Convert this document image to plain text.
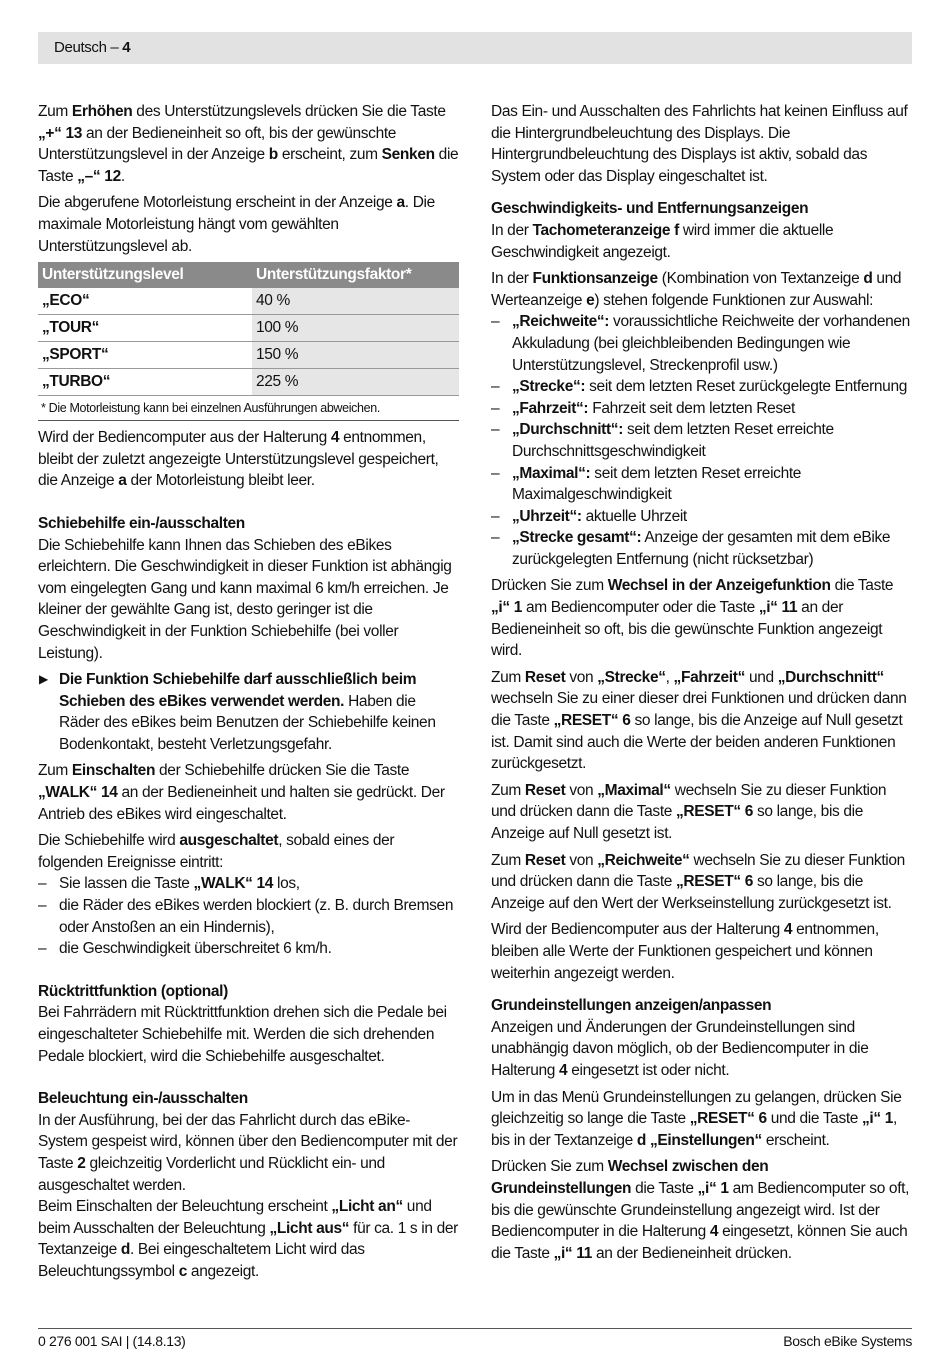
Deutsch – 4

Zum Erhöhen des Unterstützungslevels drücken Sie die Taste „+“ 13 an der Bedieneinheit so oft, bis der gewünschte Unterstützungslevel in der Anzeige b erscheint, zum Senken die Taste „–“ 12.

Die abgerufene Motorleistung erscheint in der Anzeige a. Die maximale Motorleistung hängt vom gewählten Unterstützungslevel ab.

Unterstützungslevel	Unterstützungsfaktor*
„ECO“	40 %
„TOUR“	100 %
„SPORT“	150 %
„TURBO“	225 %
* Die Motorleistung kann bei einzelnen Ausführungen abweichen.

Wird der Bediencomputer aus der Halterung 4 entnommen, bleibt der zuletzt angezeigte Unterstützungslevel gespeichert, die Anzeige a der Motorleistung bleibt leer.

Schiebehilfe ein-/ausschalten

Die Schiebehilfe kann Ihnen das Schieben des eBikes erleichtern. Die Geschwindigkeit in dieser Funktion ist abhängig vom eingelegten Gang und kann maximal 6 km/h erreichen. Je kleiner der gewählte Gang ist, desto geringer ist die Geschwindigkeit in der Funktion Schiebehilfe (bei voller Leistung).

▶ Die Funktion Schiebehilfe darf ausschließlich beim Schieben des eBikes verwendet werden. Haben die Räder des eBikes beim Benutzen der Schiebehilfe keinen Bodenkontakt, besteht Verletzungsgefahr.

Zum Einschalten der Schiebehilfe drücken Sie die Taste „WALK“ 14 an der Bedieneinheit und halten sie gedrückt. Der Antrieb des eBikes wird eingeschaltet.

Die Schiebehilfe wird ausgeschaltet, sobald eines der folgenden Ereignisse eintritt:

– Sie lassen die Taste „WALK“ 14 los,
– die Räder des eBikes werden blockiert (z. B. durch Bremsen oder Anstoßen an ein Hindernis),
– die Geschwindigkeit überschreitet 6 km/h.
Rücktrittfunktion (optional)

Bei Fahrrädern mit Rücktrittfunktion drehen sich die Pedale bei eingeschalteter Schiebehilfe mit. Werden die sich drehenden Pedale blockiert, wird die Schiebehilfe ausgeschaltet.

Beleuchtung ein-/ausschalten

In der Ausführung, bei der das Fahrlicht durch das eBike-System gespeist wird, können über den Bediencomputer mit der Taste 2 gleichzeitig Vorderlicht und Rücklicht ein- und ausgeschaltet werden.

Beim Einschalten der Beleuchtung erscheint „Licht an“ und beim Ausschalten der Beleuchtung „Licht aus“ für ca. 1 s in der Textanzeige d. Bei eingeschaltetem Licht wird das Beleuchtungssymbol c angezeigt.

Das Ein- und Ausschalten des Fahrlichts hat keinen Einfluss auf die Hintergrundbeleuchtung des Displays. Die Hintergrundbeleuchtung des Displays ist aktiv, sobald das System oder das Display eingeschaltet ist.

Geschwindigkeits- und Entfernungsanzeigen

In der Tachometeranzeige f wird immer die aktuelle Geschwindigkeit angezeigt.

In der Funktionsanzeige (Kombination von Textanzeige d und Werteanzeige e) stehen folgende Funktionen zur Auswahl:

– „Reichweite“: voraussichtliche Reichweite der vorhandenen Akkuladung (bei gleichbleibenden Bedingungen wie Unterstützungslevel, Streckenprofil usw.)
– „Strecke“: seit dem letzten Reset zurückgelegte Entfernung
– „Fahrzeit“: Fahrzeit seit dem letzten Reset
– „Durchschnitt“: seit dem letzten Reset erreichte Durchschnittsgeschwindigkeit
– „Maximal“: seit dem letzten Reset erreichte Maximalgeschwindigkeit
– „Uhrzeit“: aktuelle Uhrzeit
– „Strecke gesamt“: Anzeige der gesamten mit dem eBike zurückgelegten Entfernung (nicht rücksetzbar)

Drücken Sie zum Wechsel in der Anzeigefunktion die Taste „i“ 1 am Bediencomputer oder die Taste „i“ 11 an der Bedieneinheit so oft, bis die gewünschte Funktion angezeigt wird.

Zum Reset von „Strecke“, „Fahrzeit“ und „Durchschnitt“ wechseln Sie zu einer dieser drei Funktionen und drücken dann die Taste „RESET“ 6 so lange, bis die Anzeige auf Null gesetzt ist. Damit sind auch die Werte der beiden anderen Funktionen zurückgesetzt.

Zum Reset von „Maximal“ wechseln Sie zu dieser Funktion und drücken dann die Taste „RESET“ 6 so lange, bis die Anzeige auf Null gesetzt ist.

Zum Reset von „Reichweite“ wechseln Sie zu dieser Funktion und drücken dann die Taste „RESET“ 6 so lange, bis die Anzeige auf den Wert der Werkseinstellung zurückgesetzt ist.

Wird der Bediencomputer aus der Halterung 4 entnommen, bleiben alle Werte der Funktionen gespeichert und können weiterhin angezeigt werden.

Grundeinstellungen anzeigen/anpassen

Anzeigen und Änderungen der Grundeinstellungen sind unabhängig davon möglich, ob der Bediencomputer in die Halterung 4 eingesetzt ist oder nicht.

Um in das Menü Grundeinstellungen zu gelangen, drücken Sie gleichzeitig so lange die Taste „RESET“ 6 und die Taste „i“ 1, bis in der Textanzeige d „Einstellungen“ erscheint.

Drücken Sie zum Wechsel zwischen den Grundeinstellungen die Taste „i“ 1 am Bediencomputer so oft, bis die gewünschte Grundeinstellung angezeigt wird. Ist der Bediencomputer in die Halterung 4 eingesetzt, können Sie auch die Taste „i“ 11 an der Bedieneinheit drücken.

0 276 001 SAI | (14.8.13)	Bosch eBike Systems
